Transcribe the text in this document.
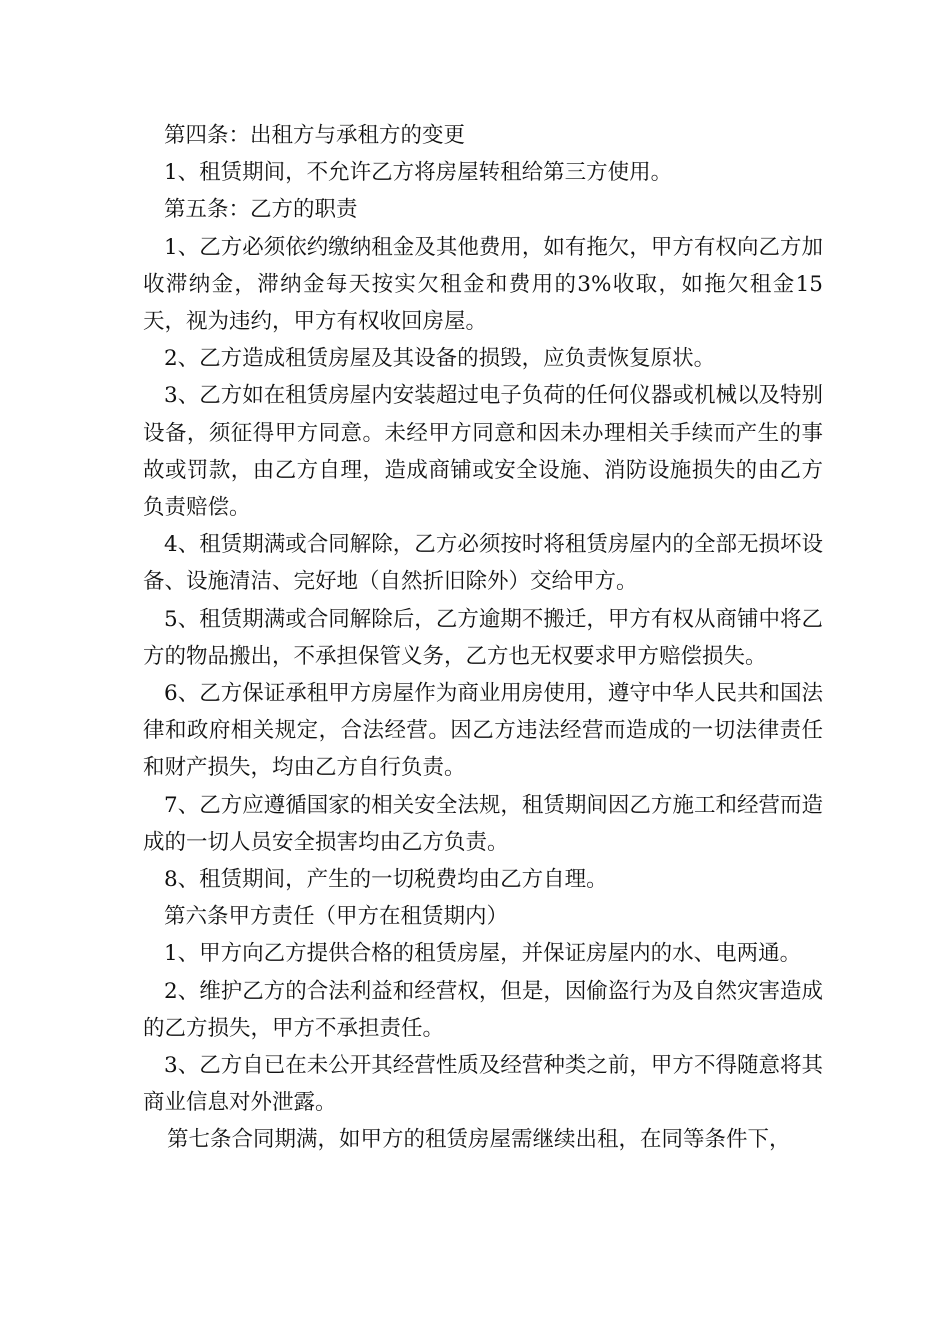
第四条：出租方与承租方的变更

1、租赁期间，不允许乙方将房屋转租给第三方使用。

第五条：乙方的职责

1、乙方必须依约缴纳租金及其他费用，如有拖欠，甲方有权向乙方加收滞纳金，滞纳金每天按实欠租金和费用的3%收取，如拖欠租金15天，视为违约，甲方有权收回房屋。

2、乙方造成租赁房屋及其设备的损毁，应负责恢复原状。

3、乙方如在租赁房屋内安装超过电子负荷的任何仪器或机械以及特别设备，须征得甲方同意。未经甲方同意和因未办理相关手续而产生的事故或罚款，由乙方自理，造成商铺或安全设施、消防设施损失的由乙方负责赔偿。

4、租赁期满或合同解除，乙方必须按时将租赁房屋内的全部无损坏设备、设施清洁、完好地（自然折旧除外）交给甲方。

5、租赁期满或合同解除后，乙方逾期不搬迁，甲方有权从商铺中将乙方的物品搬出，不承担保管义务，乙方也无权要求甲方赔偿损失。

6、乙方保证承租甲方房屋作为商业用房使用，遵守中华人民共和国法律和政府相关规定，合法经营。因乙方违法经营而造成的一切法律责任和财产损失，均由乙方自行负责。

7、乙方应遵循国家的相关安全法规，租赁期间因乙方施工和经营而造成的一切人员安全损害均由乙方负责。

8、租赁期间，产生的一切税费均由乙方自理。

第六条甲方责任（甲方在租赁期内）

1、甲方向乙方提供合格的租赁房屋，并保证房屋内的水、电两通。

2、维护乙方的合法利益和经营权，但是，因偷盗行为及自然灾害造成的乙方损失，甲方不承担责任。

3、乙方自已在未公开其经营性质及经营种类之前，甲方不得随意将其商业信息对外泄露。

第七条合同期满，如甲方的租赁房屋需继续出租，在同等条件下，
